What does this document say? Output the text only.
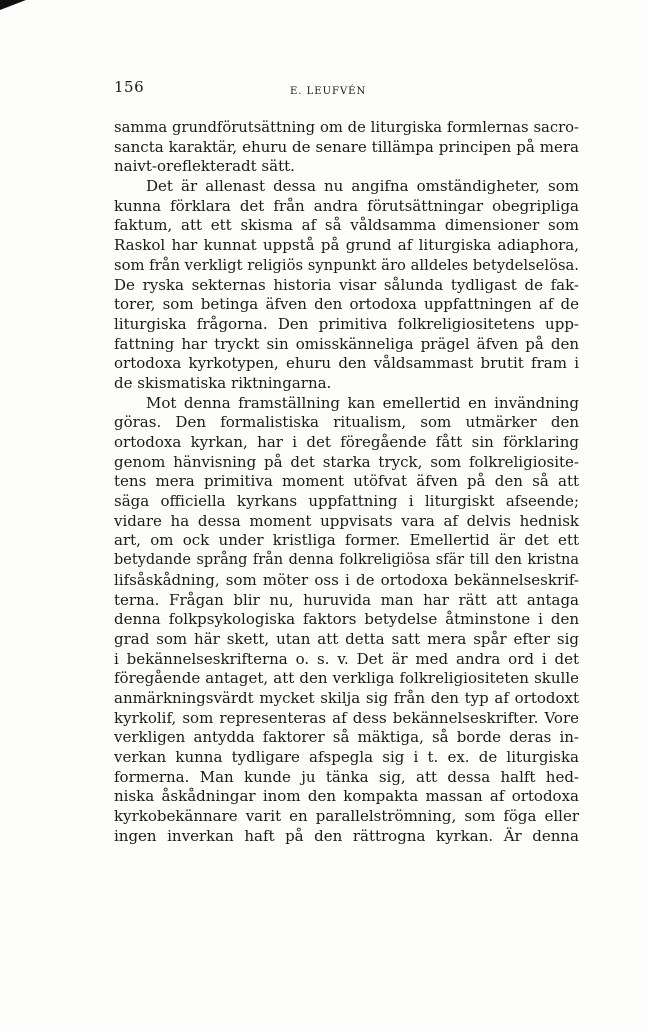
156	E. LEUFVÉN
samma grundförutsättning om de liturgiska formlernas sacro-
sancta karaktär, ehuru de senare tillämpa principen på mera
naivt-oreflekteradt sätt.
Det är allenast dessa nu angifna omständigheter, som
kunna förklara det från andra förutsättningar obegripliga
faktum, att ett skisma af så våldsamma dimensioner som
Raskol har kunnat uppstå på grund af liturgiska adiaphora,
som från verkligt religiös synpunkt äro alldeles betydelselösa.
De ryska sekternas historia visar sålunda tydligast de fak-
torer, som betinga äfven den ortodoxa uppfattningen af de
liturgiska frågorna. Den primitiva folkreligiositetens upp-
fattning har tryckt sin omisskänneliga prägel äfven på den
ortodoxa kyrkotypen, ehuru den våldsammast brutit fram i
de skismatiska riktningarna.
Mot denna framställning kan emellertid en invändning
göras. Den formalistiska ritualism, som utmärker den
ortodoxa kyrkan, har i det föregående fått sin förklaring
genom hänvisning på det starka tryck, som folkreligiosite-
tens mera primitiva moment utöfvat äfven på den så att
säga officiella kyrkans uppfattning i liturgiskt afseende;
vidare ha dessa moment uppvisats vara af delvis hednisk
art, om ock under kristliga former. Emellertid är det ett
betydande språng från denna folkreligiösa sfär till den kristna
lifsåskådning, som möter oss i de ortodoxa bekännelseskrif-
terna. Frågan blir nu, huruvida man har rätt att antaga
denna folkpsykologiska faktors betydelse åtminstone i den
grad som här skett, utan att detta satt mera spår efter sig
i bekännelseskrifterna o. s. v. Det är med andra ord i det
föregående antaget, att den verkliga folkreligiositeten skulle
anmärkningsvärdt mycket skilja sig från den typ af ortodoxt
kyrkolif, som representeras af dess bekännelseskrifter. Vore
verkligen antydda faktorer så mäktiga, så borde deras in-
verkan kunna tydligare afspegla sig i t. ex. de liturgiska
formerna. Man kunde ju tänka sig, att dessa halft hed-
niska åskådningar inom den kompakta massan af ortodoxa
kyrkobekännare varit en parallelströmning, som föga eller
ingen inverkan haft på den rättrogna kyrkan. Är denna
